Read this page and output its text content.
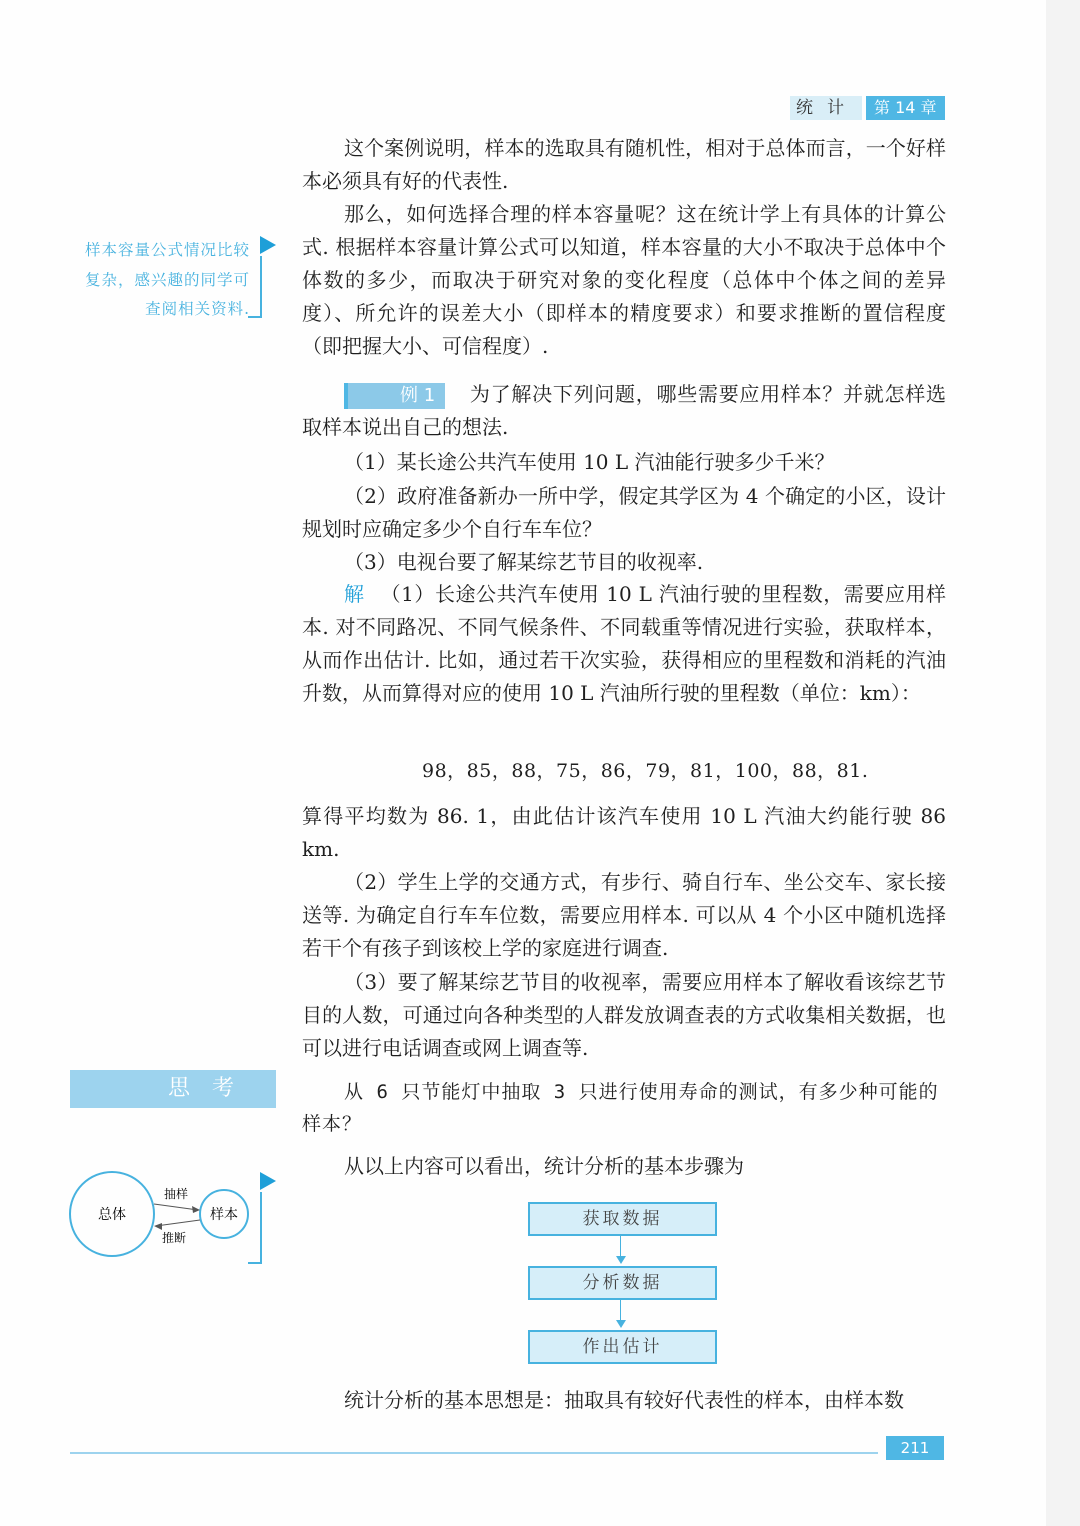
统计	第 14 章
这个案例说明，样本的选取具有随机性，相对于总体而言，一个好样本必须具有好的代表性.
那么，如何选择合理的样本容量呢？这在统计学上有具体的计算公式. 根据样本容量计算公式可以知道，样本容量的大小不取决于总体中个体数的多少，而取决于研究对象的变化程度（总体中个体之间的差异度）、所允许的误差大小（即样本的精度要求）和要求推断的置信程度（即把握大小、可信程度）.
样本容量公式情况比较复杂，感兴趣的同学可查阅相关资料.
例 1 为了解决下列问题，哪些需要应用样本？并就怎样选取样本说出自己的想法.
（1）某长途公共汽车使用 10 L 汽油能行驶多少千米？
（2）政府准备新办一所中学，假定其学区为 4 个确定的小区，设计规划时应确定多少个自行车车位？
（3）电视台要了解某综艺节目的收视率.
解 （1）长途公共汽车使用 10 L 汽油行驶的里程数，需要应用样本. 对不同路况、不同气候条件、不同载重等情况进行实验，获取样本，从而作出估计. 比如，通过若干次实验，获得相应的里程数和消耗的汽油升数，从而算得对应的使用 10 L 汽油所行驶的里程数（单位：km）：
98，85，88，75，86，79，81，100，88，81.
算得平均数为 86. 1，由此估计该汽车使用 10 L 汽油大约能行驶 86 km.
（2）学生上学的交通方式，有步行、骑自行车、坐公交车、家长接送等. 为确定自行车车位数，需要应用样本. 可以从 4 个小区中随机选择若干个有孩子到该校上学的家庭进行调查.
（3）要了解某综艺节目的收视率，需要应用样本了解收看该综艺节目的人数，可通过向各种类型的人群发放调查表的方式收集相关数据，也可以进行电话调查或网上调查等.
思考	从 6 只节能灯中抽取 3 只进行使用寿命的测试，有多少种可能的样本？
总体	样本
抽样
推断
从以上内容可以看出，统计分析的基本步骤为
获取数据
分析数据
作出估计
统计分析的基本思想是：抽取具有较好代表性的样本，由样本数
211
